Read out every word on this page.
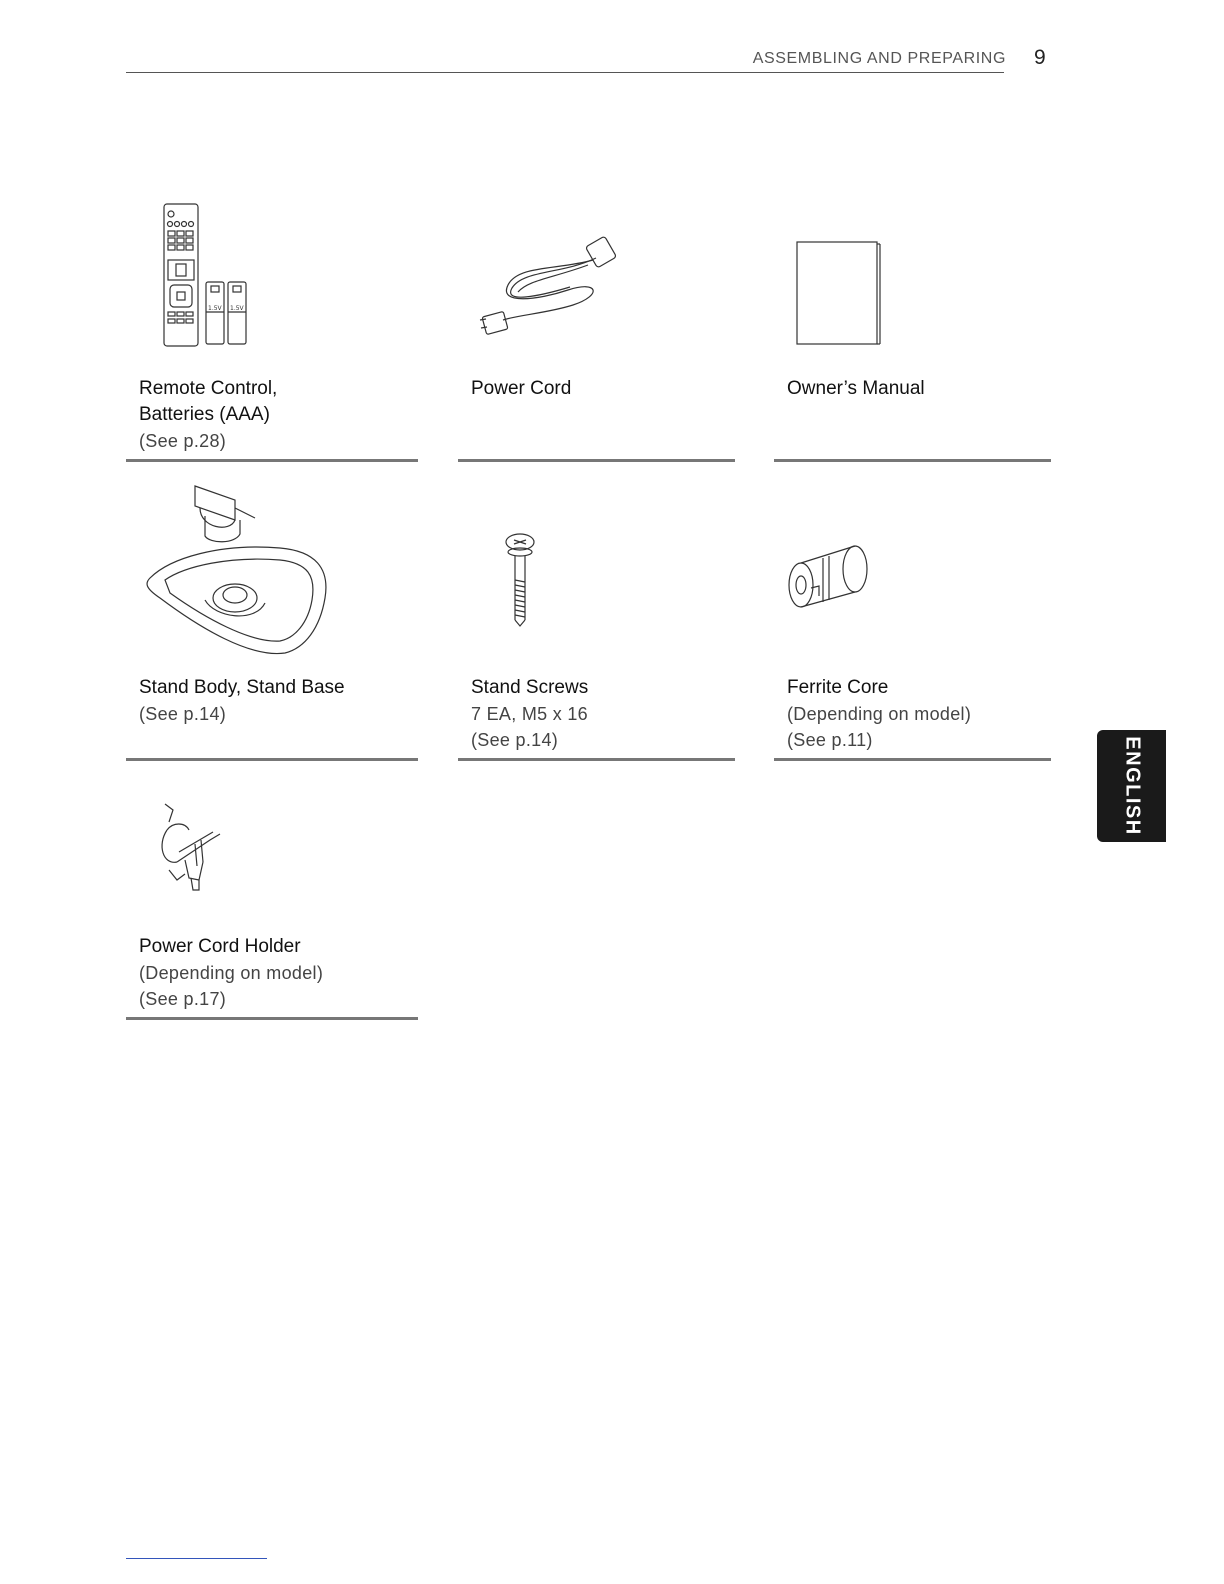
ASSEMBLING AND PREPARING 9
1.5V 1.5V
Remote Control,
Batteries (AAA)
(See p.28)
Power Cord	Owner’s Manual
Stand Body, Stand Base
(See p.14)
Stand Screws
7 EA, M5 x 16
(See p.14)
Ferrite Core
(Depending on model)
(See p.11)
Power Cord Holder
(Depending on model)
(See p.17)
ENGLISH
